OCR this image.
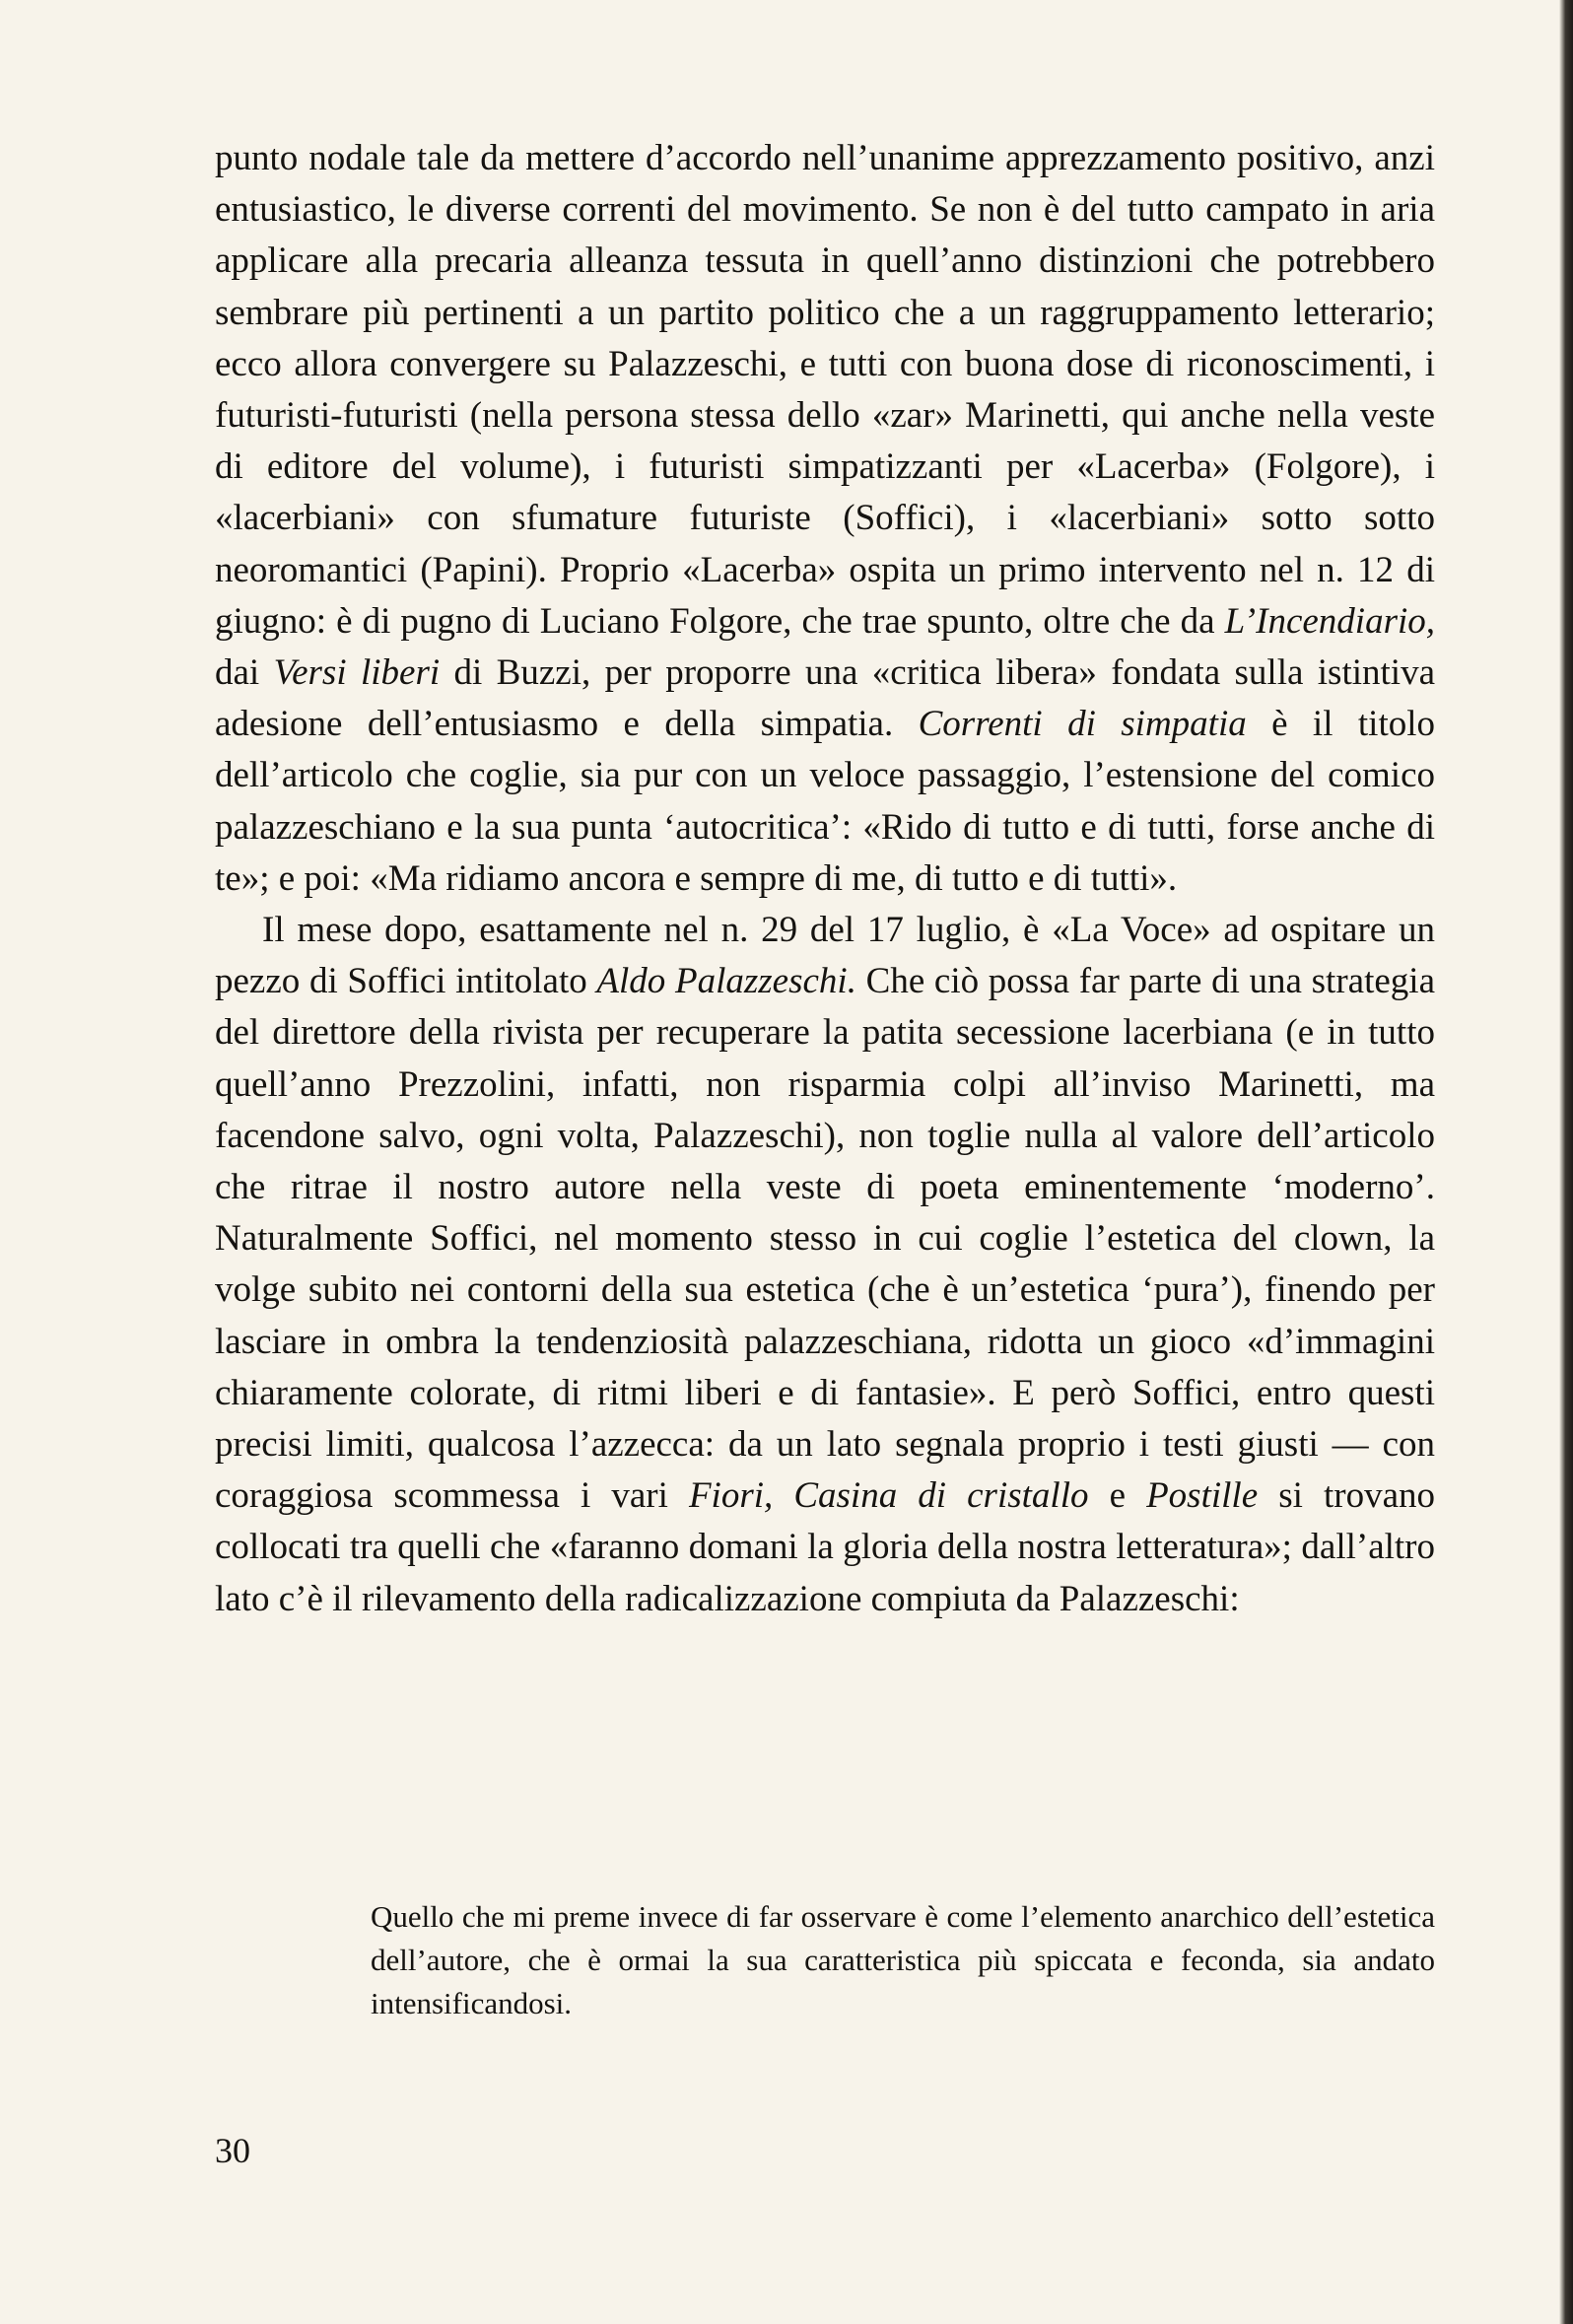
punto nodale tale da mettere d’accordo nell’unanime apprezzamento positivo, anzi entusiastico, le diverse correnti del movimento. Se non è del tutto campato in aria applicare alla precaria alleanza tessuta in quell’anno distinzioni che potrebbero sembrare più pertinenti a un partito politico che a un raggruppamento letterario; ecco allora convergere su Palazzeschi, e tutti con buona dose di riconoscimenti, i futuristi-futuristi (nella persona stessa dello «zar» Marinetti, qui anche nella veste di editore del volume), i futuristi simpatizzanti per «Lacerba» (Folgore), i «lacerbiani» con sfumature futuriste (Soffici), i «lacerbiani» sotto sotto neoromantici (Papini). Proprio «Lacerba» ospita un primo intervento nel n. 12 di giugno: è di pugno di Luciano Folgore, che trae spunto, oltre che da L’Incendiario, dai Versi liberi di Buzzi, per proporre una «critica libera» fondata sulla istintiva adesione dell’entusiasmo e della simpatia. Correnti di simpatia è il titolo dell’articolo che coglie, sia pur con un veloce passaggio, l’estensione del comico palazzeschiano e la sua punta ‘autocritica’: «Rido di tutto e di tutti, forse anche di te»; e poi: «Ma ridiamo ancora e sempre di me, di tutto e di tutti».

Il mese dopo, esattamente nel n. 29 del 17 luglio, è «La Voce» ad ospitare un pezzo di Soffici intitolato Aldo Palazzeschi. Che ciò possa far parte di una strategia del direttore della rivista per recuperare la patita secessione lacerbiana (e in tutto quell’anno Prezzolini, infatti, non risparmia colpi all’inviso Marinetti, ma facendone salvo, ogni volta, Palazzeschi), non toglie nulla al valore dell’articolo che ritrae il nostro autore nella veste di poeta eminentemente ‘moderno’. Naturalmente Soffici, nel momento stesso in cui coglie l’estetica del clown, la volge subito nei contorni della sua estetica (che è un’estetica ‘pura’), finendo per lasciare in ombra la tendenziosità palazzeschiana, ridotta un gioco «d’immagini chiaramente colorate, di ritmi liberi e di fantasie». E però Soffici, entro questi precisi limiti, qualcosa l’azzecca: da un lato segnala proprio i testi giusti — con coraggiosa scommessa i vari Fiori, Casina di cristallo e Postille si trovano collocati tra quelli che «faranno domani la gloria della nostra letteratura»; dall’altro lato c’è il rilevamento della radicalizzazione compiuta da Palazzeschi:

Quello che mi preme invece di far osservare è come l’elemento anarchico dell’estetica dell’autore, che è ormai la sua caratteristica più spiccata e feconda, sia andato intensificandosi.

30
